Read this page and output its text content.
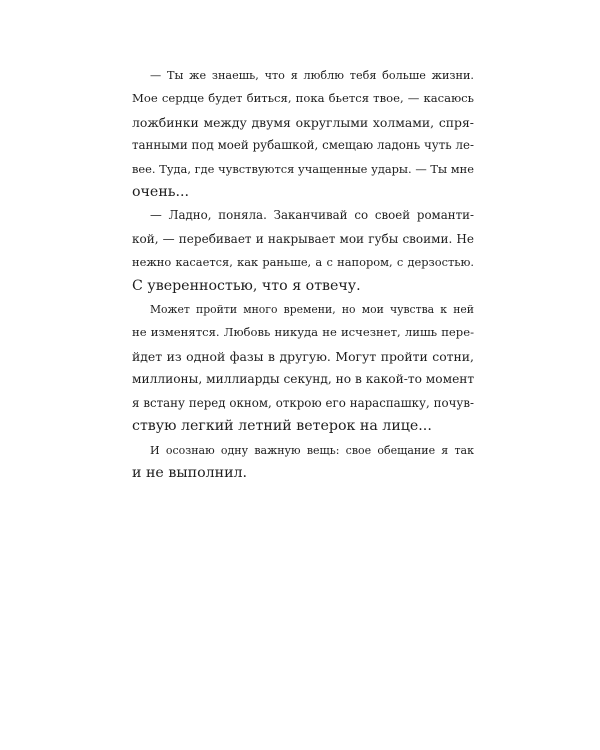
— Ты же знаешь, что я люблю тебя больше жизни.
Мое сердце будет биться, пока бьется твое, — касаюсь
ложбинки между двумя округлыми холмами, спря-
танными под моей рубашкой, смещаю ладонь чуть ле-
вее. Туда, где чувствуются учащенные удары. — Ты мне
очень...

— Ладно, поняла. Заканчивай со своей романти-
кой, — перебивает и накрывает мои губы своими. Не
нежно касается, как раньше, а с напором, с дерзостью.
С уверенностью, что я отвечу.

Может пройти много времени, но мои чувства к ней
не изменятся. Любовь никуда не исчезнет, лишь пере-
йдет из одной фазы в другую. Могут пройти сотни,
миллионы, миллиарды секунд, но в какой-то момент
я встану перед окном, открою его нараспашку, почув-
ствую легкий летний ветерок на лице...

И осознаю одну важную вещь: свое обещание я так
и не выполнил.
